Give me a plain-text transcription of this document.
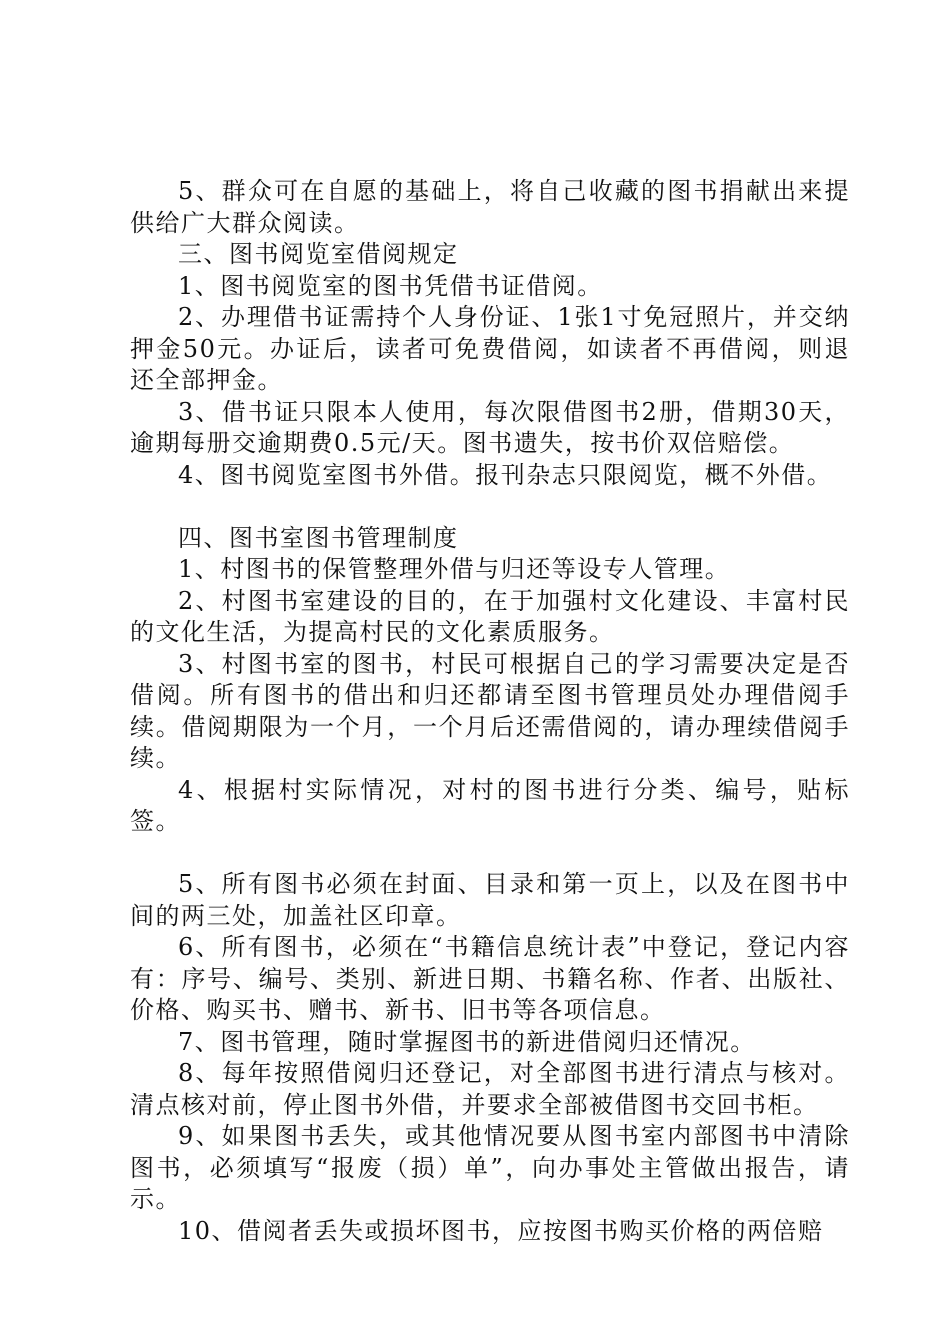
5、群众可在自愿的基础上，将自己收藏的图书捐献出来提供给广大群众阅读。

三、图书阅览室借阅规定

1、图书阅览室的图书凭借书证借阅。

2、办理借书证需持个人身份证、1张1寸免冠照片，并交纳押金50元。办证后，读者可免费借阅，如读者不再借阅，则退还全部押金。

3、借书证只限本人使用，每次限借图书2册，借期30天，逾期每册交逾期费0.5元/天。图书遗失，按书价双倍赔偿。

4、图书阅览室图书外借。报刊杂志只限阅览，概不外借。

四、图书室图书管理制度

1、村图书的保管整理外借与归还等设专人管理。

2、村图书室建设的目的，在于加强村文化建设、丰富村民的文化生活，为提高村民的文化素质服务。

3、村图书室的图书，村民可根据自己的学习需要决定是否借阅。所有图书的借出和归还都请至图书管理员处办理借阅手续。借阅期限为一个月，一个月后还需借阅的，请办理续借阅手续。

4、根据村实际情况，对村的图书进行分类、编号，贴标签。

5、所有图书必须在封面、目录和第一页上，以及在图书中间的两三处，加盖社区印章。

6、所有图书，必须在“书籍信息统计表”中登记，登记内容有：序号、编号、类别、新进日期、书籍名称、作者、出版社、价格、购买书、赠书、新书、旧书等各项信息。

7、图书管理，随时掌握图书的新进借阅归还情况。

8、每年按照借阅归还登记，对全部图书进行清点与核对。清点核对前，停止图书外借，并要求全部被借图书交回书柜。

9、如果图书丢失，或其他情况要从图书室内部图书中清除图书，必须填写“报废（损）单”，向办事处主管做出报告，请示。

10、借阅者丢失或损坏图书，应按图书购买价格的两倍赔
